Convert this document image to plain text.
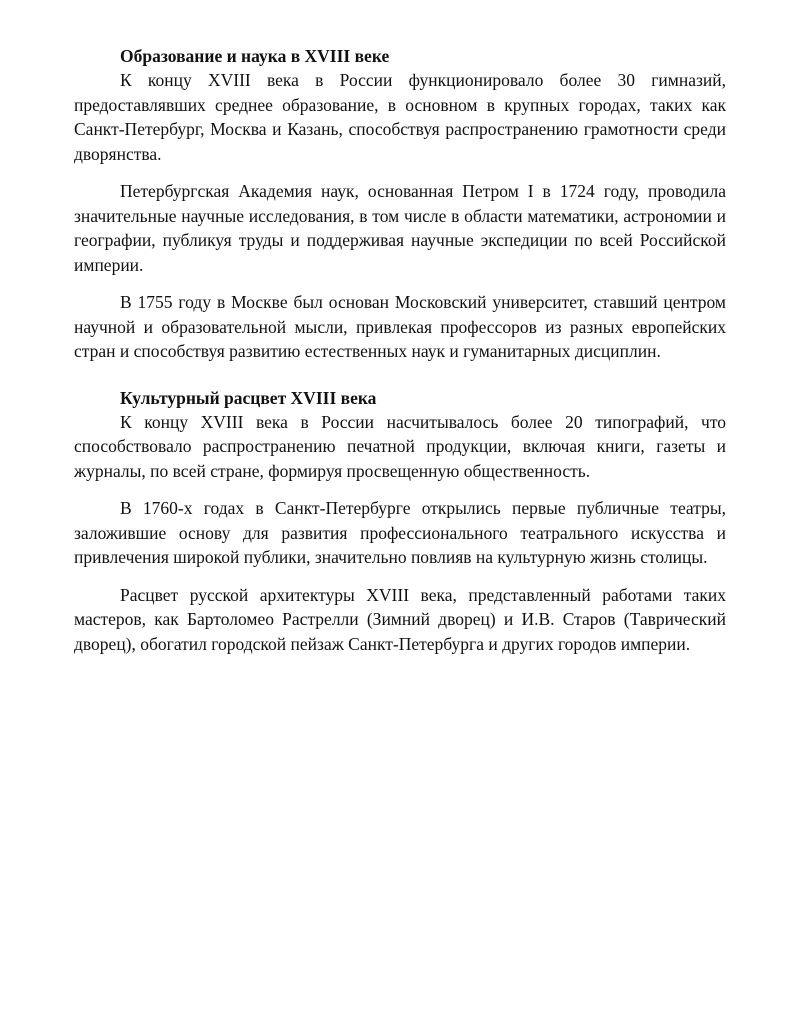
Образование и наука в XVIII веке

К концу XVIII века в России функционировало более 30 гимназий, предоставлявших среднее образование, в основном в крупных городах, таких как Санкт-Петербург, Москва и Казань, способствуя распространению грамотности среди дворянства.

Петербургская Академия наук, основанная Петром I в 1724 году, проводила значительные научные исследования, в том числе в области математики, астрономии и географии, публикуя труды и поддерживая научные экспедиции по всей Российской империи.

В 1755 году в Москве был основан Московский университет, ставший центром научной и образовательной мысли, привлекая профессоров из разных европейских стран и способствуя развитию естественных наук и гуманитарных дисциплин.

Культурный расцвет XVIII века

К концу XVIII века в России насчитывалось более 20 типографий, что способствовало распространению печатной продукции, включая книги, газеты и журналы, по всей стране, формируя просвещенную общественность.

В 1760-х годах в Санкт-Петербурге открылись первые публичные театры, заложившие основу для развития профессионального театрального искусства и привлечения широкой публики, значительно повлияв на культурную жизнь столицы.

Расцвет русской архитектуры XVIII века, представленный работами таких мастеров, как Бартоломео Растрелли (Зимний дворец) и И.В. Старов (Таврический дворец), обогатил городской пейзаж Санкт-Петербурга и других городов империи.
